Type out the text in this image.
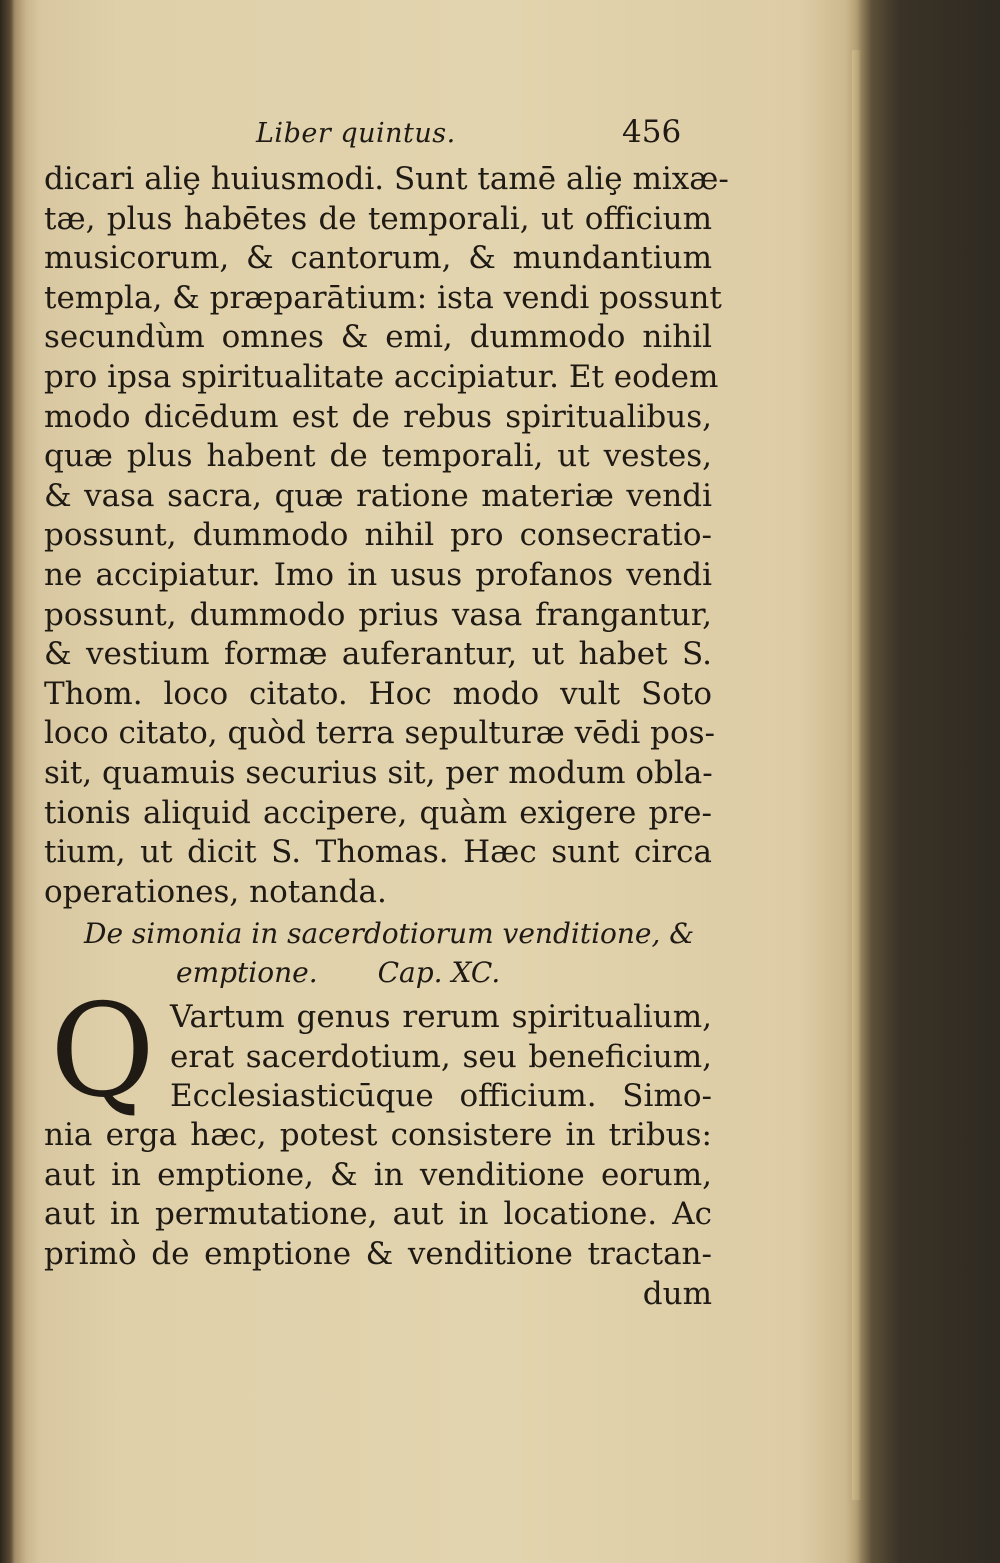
Liber quintus.	456
dicari aliȩ huiusmodi. Sunt tamē aliȩ mixæ-
tæ, plus habētes de temporali, ut officium
musicorum, & cantorum, & mundantium
templa, & præparātium: ista vendi possunt
secundùm omnes & emi, dummodo nihil
pro ipsa spiritualitate accipiatur. Et eodem
modo dicēdum est de rebus spiritualibus,
quæ plus habent de temporali, ut vestes,
& vasa sacra, quæ ratione materiæ vendi
possunt, dummodo nihil pro consecratio-
ne accipiatur. Imo in usus profanos vendi
possunt, dummodo prius vasa frangantur,
& vestium formæ auferantur, ut habet S.
Thom. loco citato. Hoc modo vult Soto
loco citato, quòd terra sepulturæ vēdi pos-
sit, quamuis securius sit, per modum obla-
tionis aliquid accipere, quàm exigere pre-
tium, ut dicit S. Thomas. Hæc sunt circa
operationes, notanda.
De simonia in sacerdotiorum venditione, &
emptione. Cap. XC.
Q Vartum genus rerum spiritualium,
erat sacerdotium, seu beneficium,
Ecclesiasticūque officium. Simo-
nia erga hæc, potest consistere in tribus:
aut in emptione, & in venditione eorum,
aut in permutatione, aut in locatione. Ac
primò de emptione & venditione tractan-
dum
